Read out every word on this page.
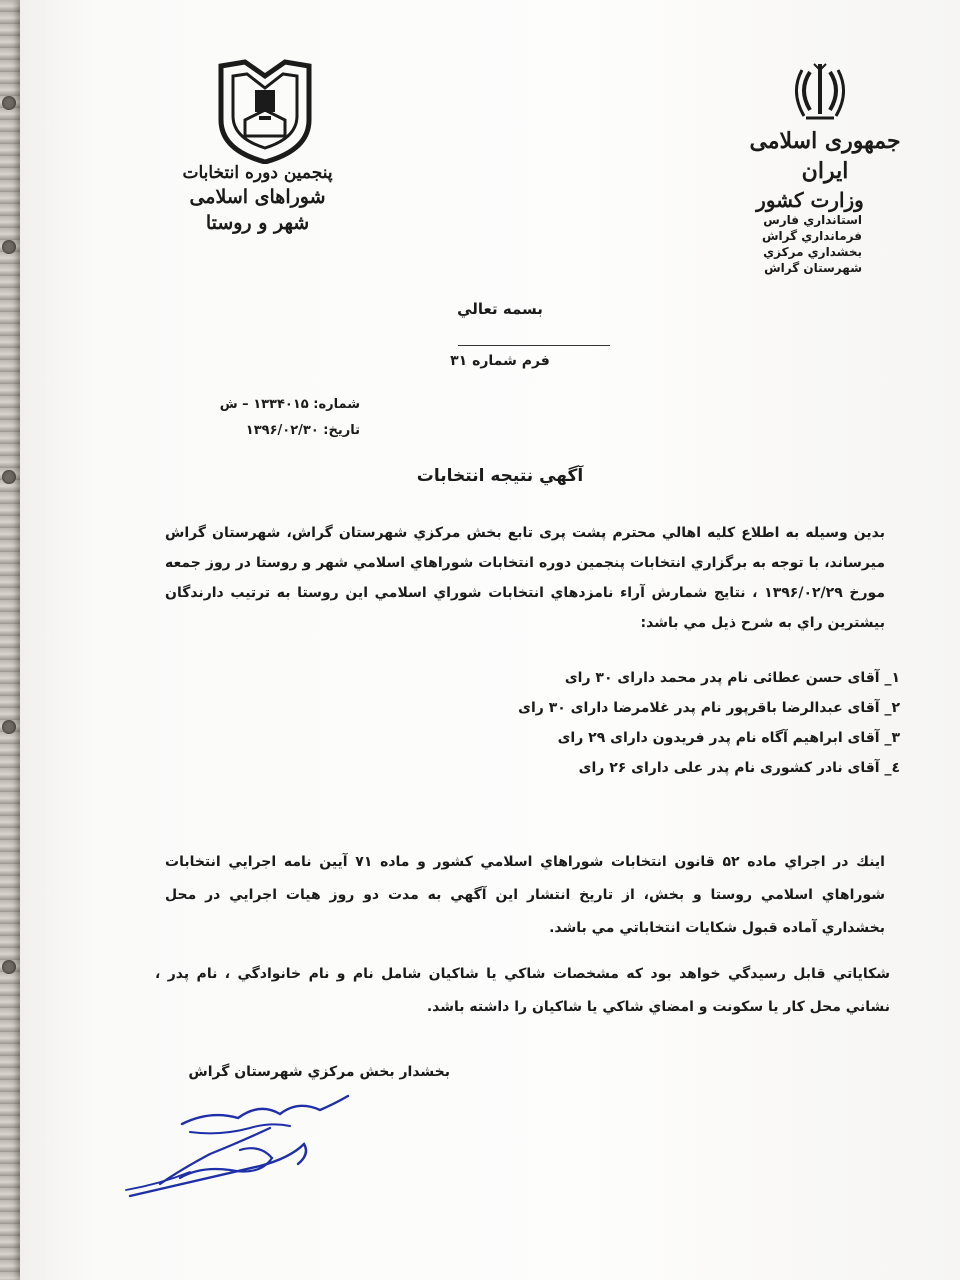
پنجمین دوره انتخابات
شوراهای اسلامی شهر و روستا
جمهوری اسلامی ایران
وزارت کشور
استانداري فارس
فرمانداري گراش
بخشداري مركزي
شهرستان گراش
بسمه تعالي
فرم شماره ۳۱
شماره: ۱۳۳۴۰۱۵ – ش
تاريخ: ۱۳۹۶/۰۲/۳۰
آگهي نتيجه انتخابات
بدين وسيله به اطلاع كليه اهالي محترم پشت پری تابع بخش مركزي شهرستان گراش، شهرستان گراش ميرساند، با توجه به برگزاري انتخابات پنجمين دوره انتخابات شوراهاي اسلامي شهر و روستا در روز جمعه مورخ ۱۳۹۶/۰۲/۲۹ ، نتايج شمارش آراء نامزدهاي انتخابات شوراي اسلامي اين روستا به ترتيب دارندگان بيشترين راي به شرح ذيل مي باشد:
۱_ آقای حسن عطائی نام پدر محمد دارای ۳۰ رای
۲_ آقای عبدالرضا باقرپور نام پدر غلامرضا دارای ۳۰ رای
۳_ آقای ابراهیم آگاه نام پدر فریدون دارای ۲۹ رای
٤_ آقای نادر کشوری نام پدر علی دارای ۲۶ رای
اينك در اجراي ماده ۵۲ قانون انتخابات شوراهاي اسلامي كشور و ماده ۷۱ آيين نامه اجرايي انتخابات شوراهاي اسلامي روستا و بخش، از تاريخ انتشار اين آگهي به مدت دو روز هيات اجرايي در محل بخشداري آماده قبول شكايات انتخاباتي مي باشد.
شكاياتي قابل رسيدگي خواهد بود كه مشخصات شاكي يا شاكيان شامل نام و نام خانوادگي ، نام پدر ، نشاني محل كار يا سكونت و امضاي شاكي يا شاكيان را داشته باشد.
بخشدار بخش مركزي شهرستان گراش
